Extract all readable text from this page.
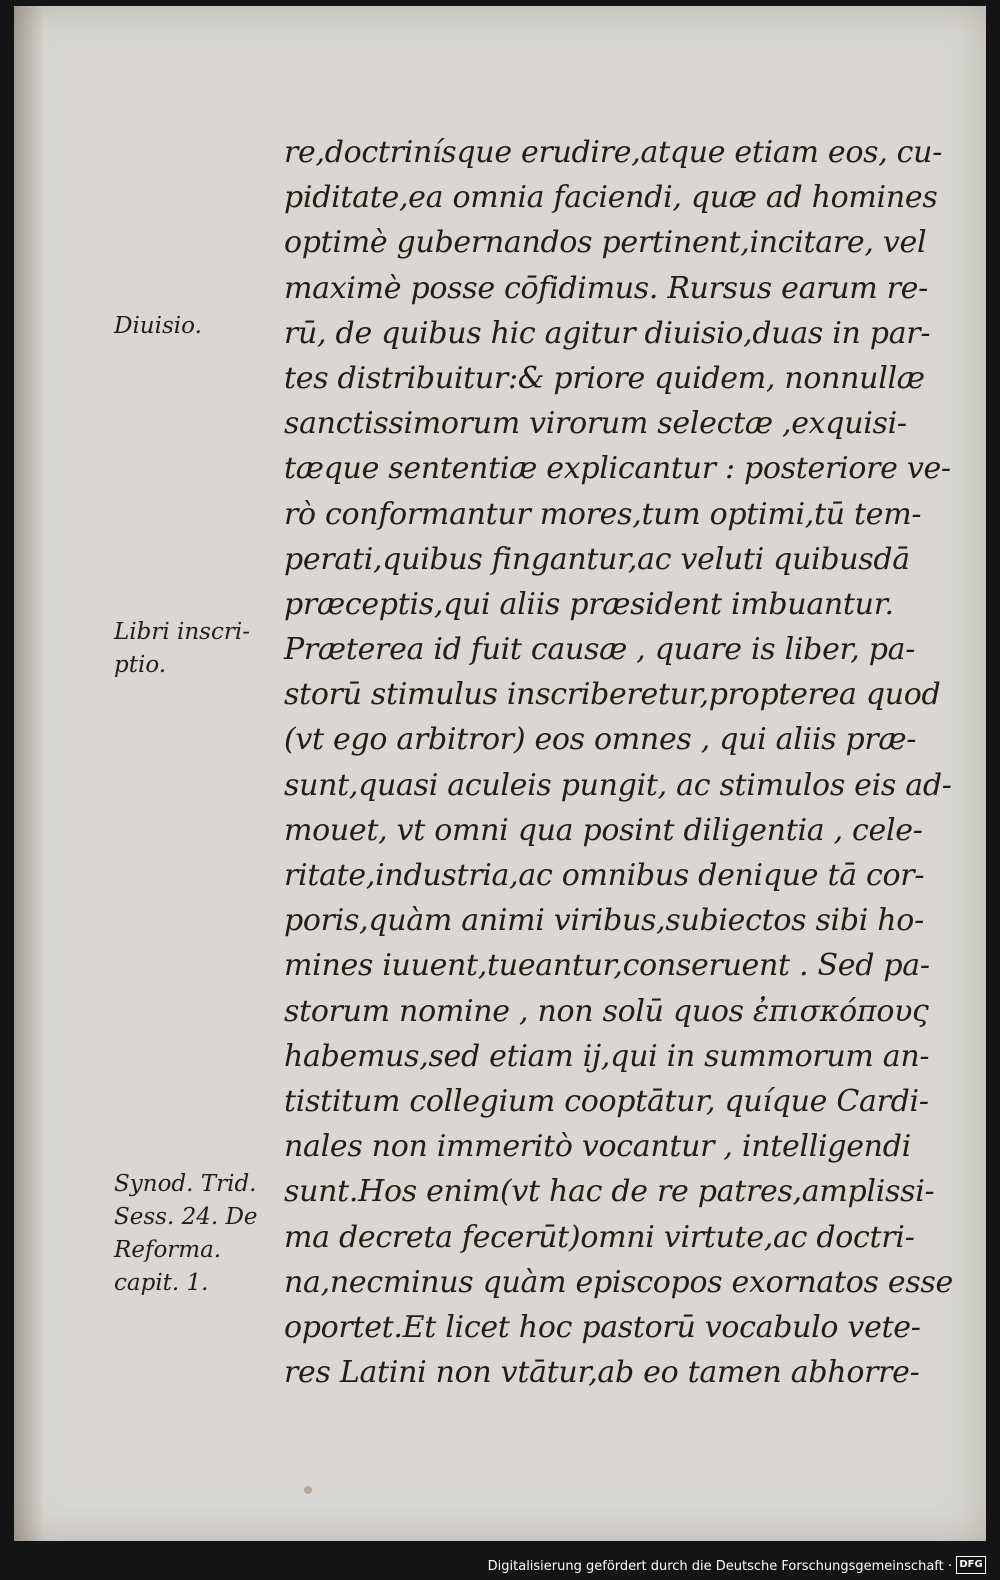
Diuisio.
Libri inscri-
ptio.
Synod. Trid.
Sess. 24. De
Reforma.
capit. 1.
re,doctrinísque erudire,atque etiam eos, cu-
piditate,ea omnia faciendi, quæ ad homines
optimè gubernandos pertinent,incitare, vel
maximè posse cōfidimus. Rursus earum re-
rū, de quibus hic agitur diuisio,duas in par-
tes distribuitur:& priore quidem, nonnullæ
sanctissimorum virorum selectæ ,exquisi-
tæque sententiæ explicantur : posteriore ve-
rò conformantur mores,tum optimi,tū tem-
perati,quibus fingantur,ac veluti quibusdā
præceptis,qui aliis præsident imbuantur.
Præterea id fuit causæ , quare is liber, pa-
storū stimulus inscriberetur,propterea quod
(vt ego arbitror) eos omnes , qui aliis præ-
sunt,quasi aculeis pungit, ac stimulos eis ad-
mouet, vt omni qua posint diligentia , cele-
ritate,industria,ac omnibus denique tā cor-
poris,quàm animi viribus,subiectos sibi ho-
mines iuuent,tueantur,conseruent . Sed pa-
storum nomine , non solū quos ἐπισκόπους
habemus,sed etiam ij,qui in summorum an-
tistitum collegium cooptātur, quíque Cardi-
nales non immeritò vocantur , intelligendi
sunt.Hos enim(vt hac de re patres,amplissi-
ma decreta fecerūt)omni virtute,ac doctri-
na,necminus quàm episcopos exornatos esse
oportet.Et licet hoc pastorū vocabulo vete-
res Latini non vtātur,ab eo tamen abhorre-
Digitalisierung gefördert durch die Deutsche Forschungsgemeinschaft · DFG
